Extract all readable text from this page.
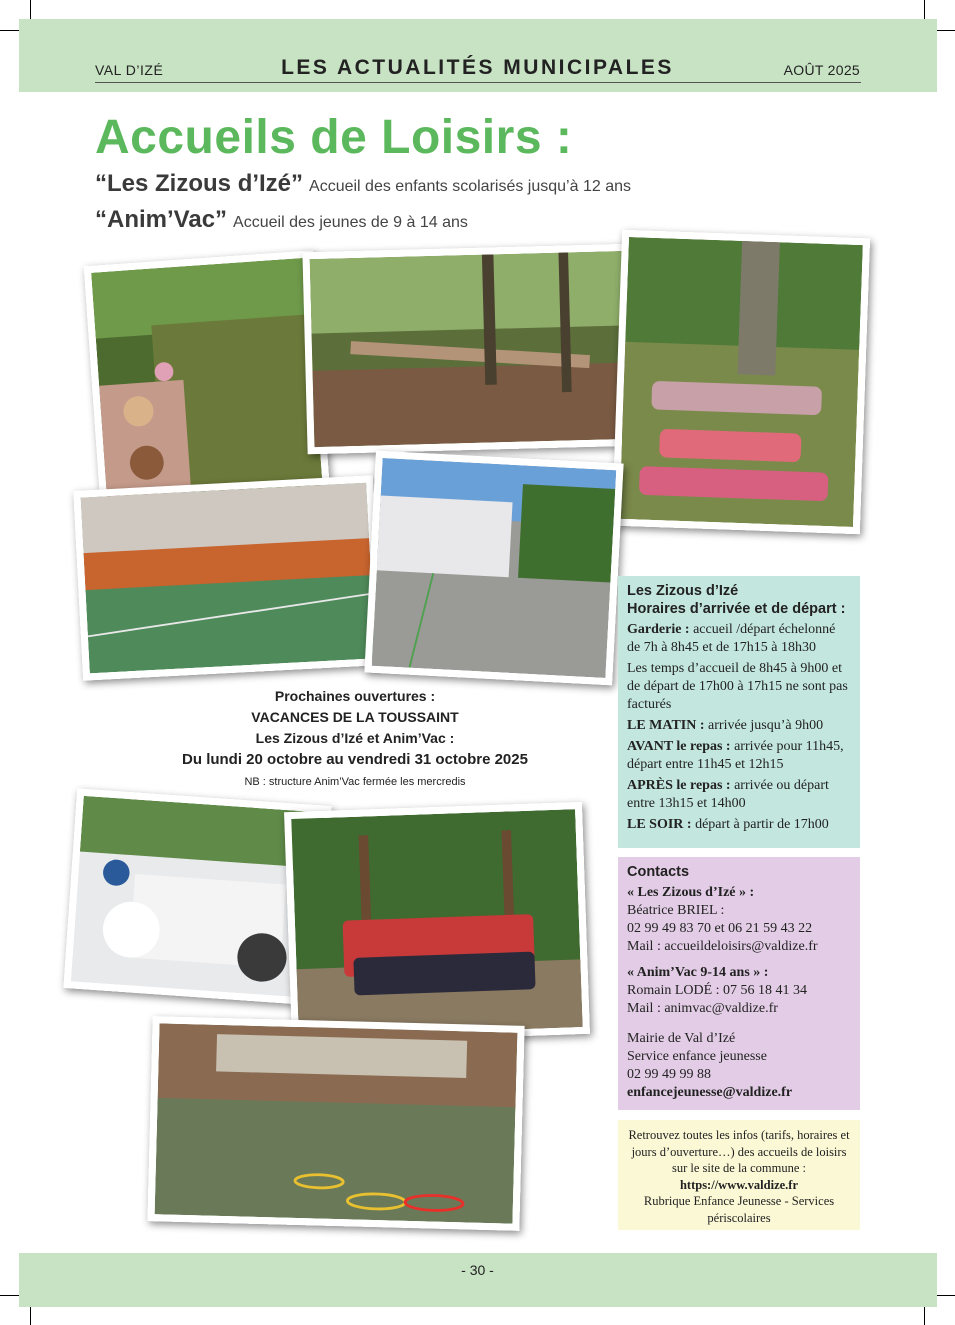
VAL D’IZÉ	LES ACTUALITÉS MUNICIPALES	AOÛT 2025
Accueils de Loisirs :
“Les Zizous d’Izé” Accueil des enfants scolarisés jusqu’à 12 ans
“Anim’Vac” Accueil des jeunes de 9 à 14 ans
Prochaines ouvertures :
VACANCES DE LA TOUSSAINT
Les Zizous d’Izé et Anim’Vac :
Du lundi 20 octobre au vendredi 31 octobre 2025
NB : structure Anim’Vac fermée les mercredis
Les Zizous d’Izé
Horaires d’arrivée et de départ :

Garderie : accueil /départ échelonné de 7h à 8h45 et de 17h15 à 18h30

Les temps d’accueil de 8h45 à 9h00 et de départ de 17h00 à 17h15 ne sont pas facturés

LE MATIN : arrivée jusqu’à 9h00

AVANT le repas : arrivée pour 11h45, départ entre 11h45 et 12h15

APRÈS le repas : arrivée ou départ entre 13h15 et 14h00

LE SOIR : départ à partir de 17h00

Contacts
« Les Zizous d’Izé » :
Béatrice BRIEL :
02 99 49 83 70 et 06 21 59 43 22
Mail : accueildeloisirs@valdize.fr
« Anim’Vac 9-14 ans » :
Romain LODÉ : 07 56 18 41 34
Mail : animvac@valdize.fr
Mairie de Val d’Izé
Service enfance jeunesse
02 99 49 99 88
enfancejeunesse@valdize.fr
Retrouvez toutes les infos (tarifs, horaires et jours d’ouverture…) des accueils de loisirs sur le site de la commune : https://www.valdize.fr
Rubrique Enfance Jeunesse - Services périscolaires
- 30 -
